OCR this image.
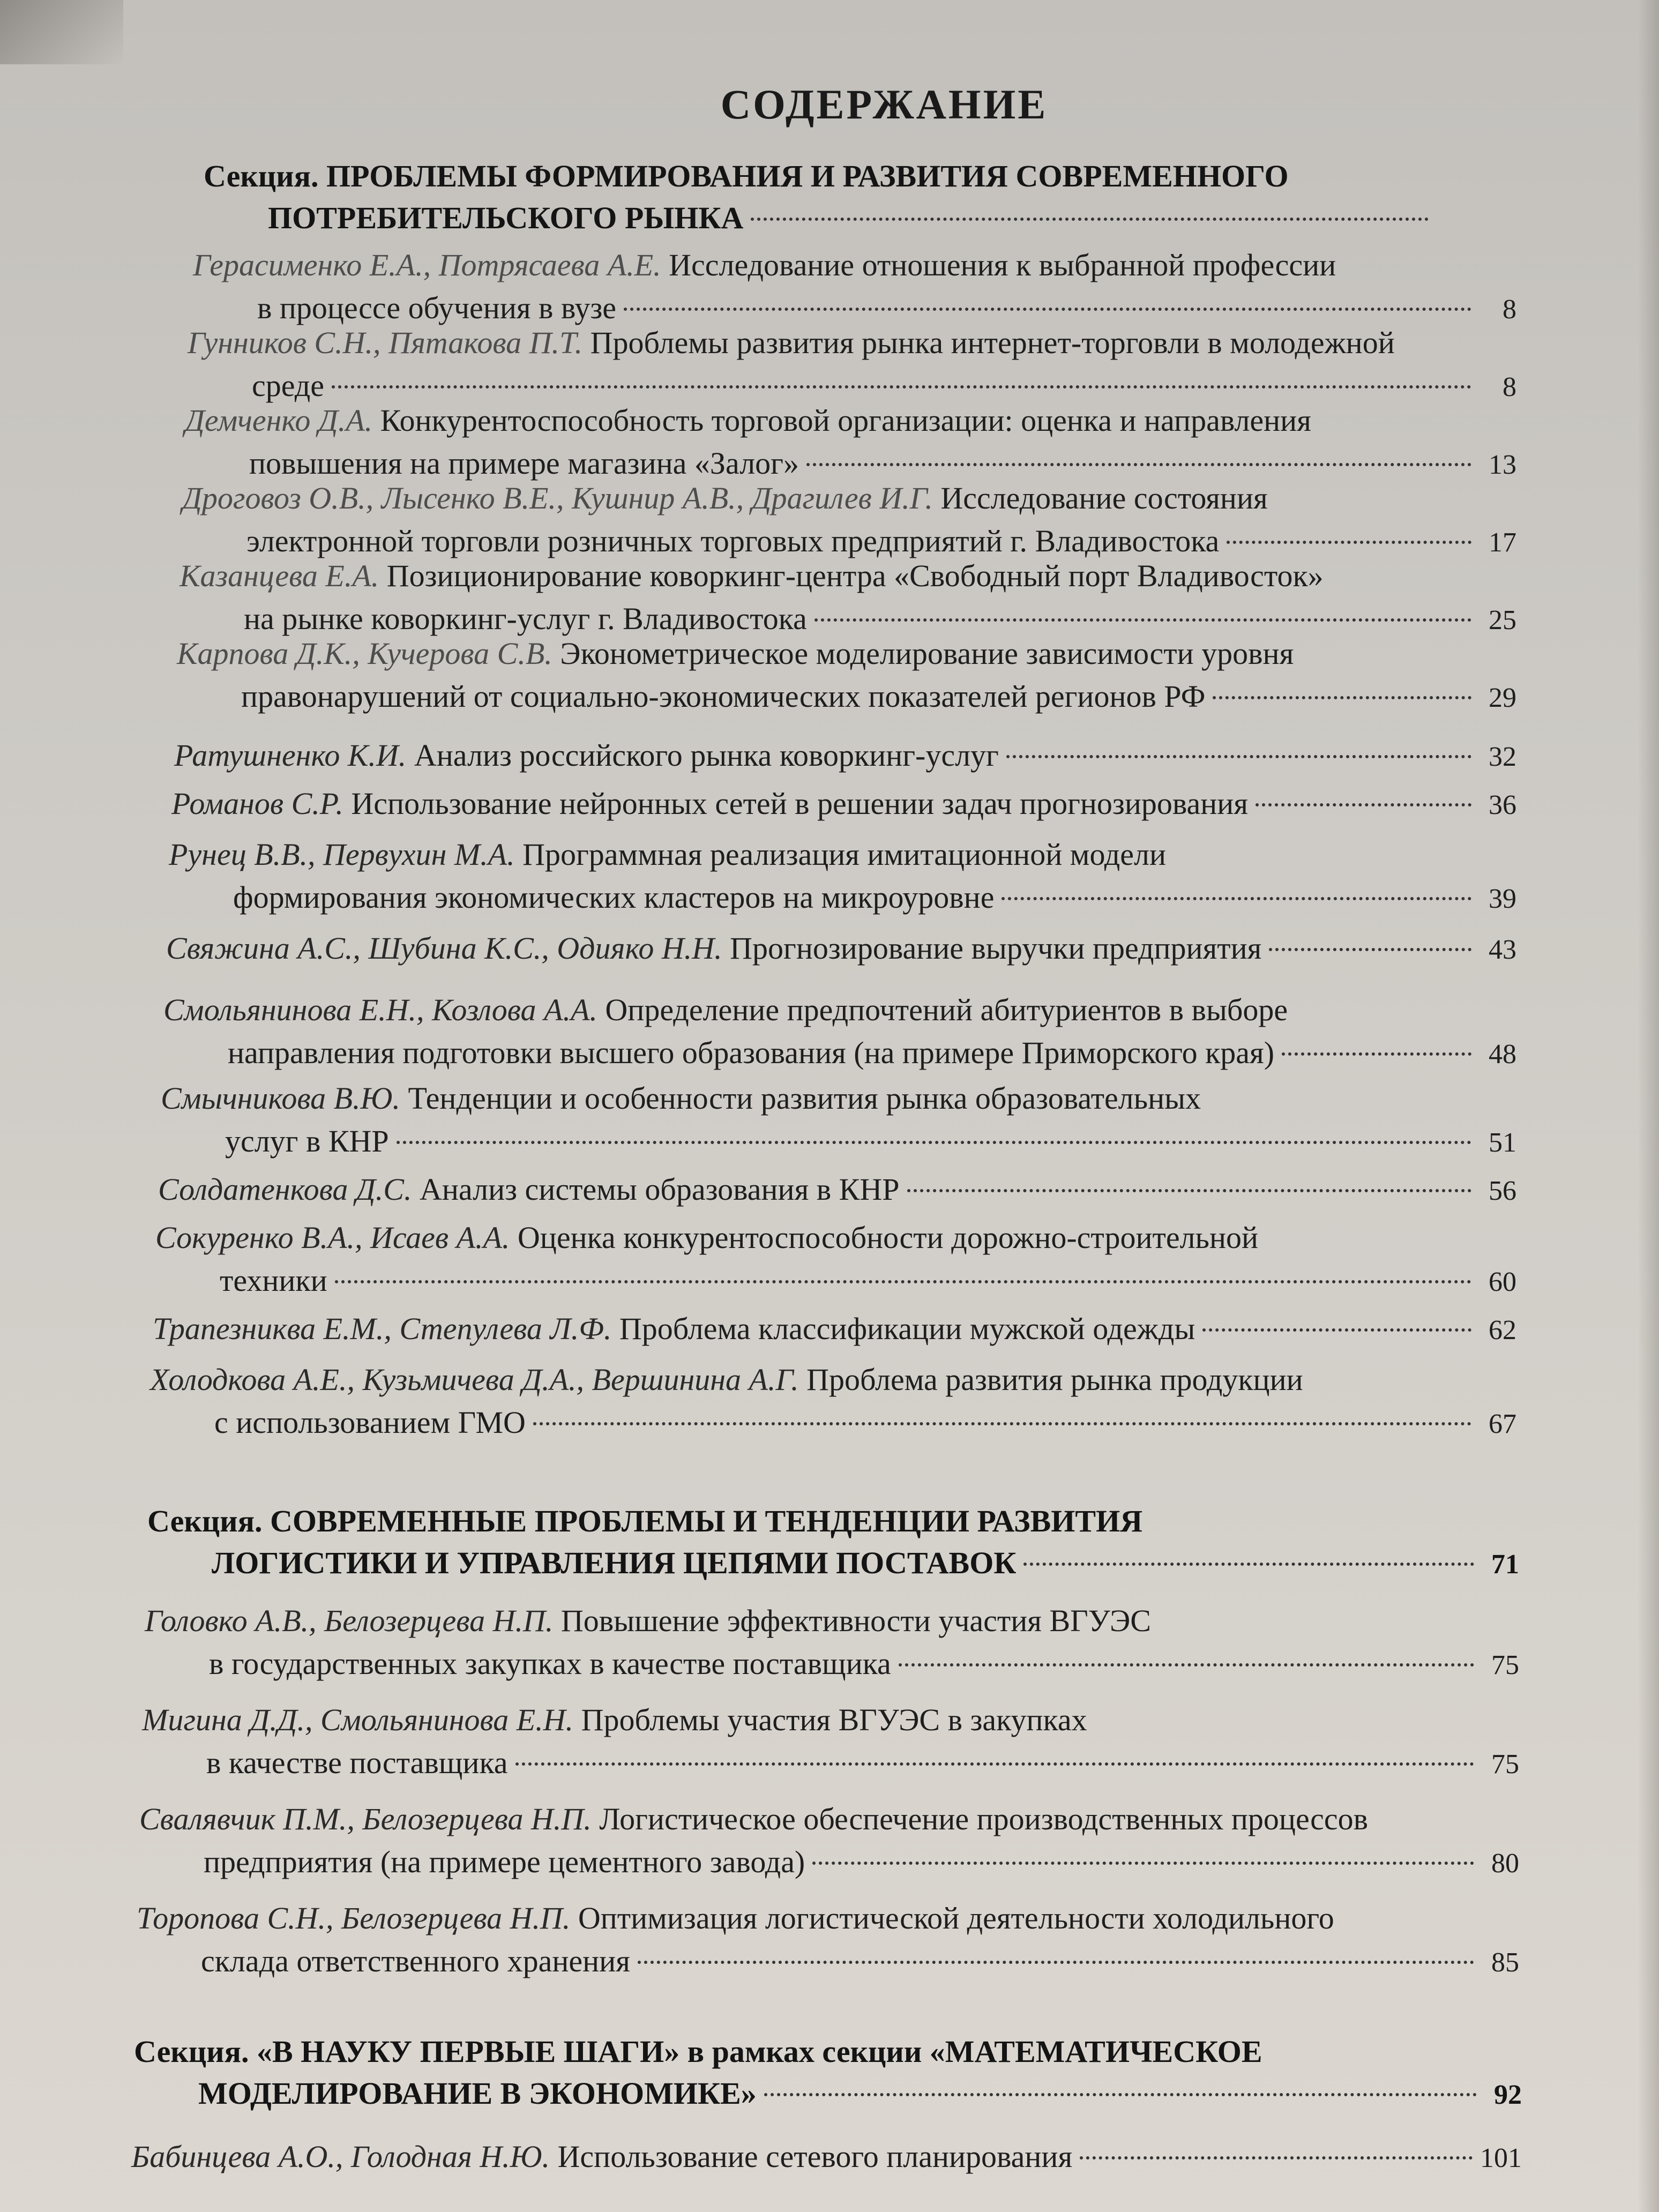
СОДЕРЖАНИЕ
Секция. ПРОБЛЕМЫ ФОРМИРОВАНИЯ И РАЗВИТИЯ СОВРЕМЕННОГО
ПОТРЕБИТЕЛЬСКОГО РЫНКА
Герасименко Е.А., Потрясаева А.Е. Исследование отношения к выбранной профессии
в процессе обучения в вузе	8
Гунников С.Н., Пятакова П.Т. Проблемы развития рынка интернет-торговли в молодежной
среде	8
Демченко Д.А. Конкурентоспособность торговой организации: оценка и направления
повышения на примере магазина «Залог»	13
Дроговоз О.В., Лысенко В.Е., Кушнир А.В., Драгилев И.Г. Исследование состояния
электронной торговли розничных торговых предприятий г. Владивостока	17
Казанцева Е.А. Позиционирование коворкинг-центра «Свободный порт Владивосток»
на рынке коворкинг-услуг г. Владивостока	25
Карпова Д.К., Кучерова С.В. Эконометрическое моделирование зависимости уровня
правонарушений от социально-экономических показателей регионов РФ	29
Ратушненко К.И.
Анализ российского рынка коворкинг-услуг	32
Романов С.Р.
Использование нейронных сетей в решении задач прогнозирования	36
Рунец В.В., Первухин М.А. Программная реализация имитационной модели
формирования экономических кластеров на микроуровне	39
Свяжина А.С., Шубина К.С., Одияко Н.Н.
Прогнозирование выручки предприятия	43
Смольянинова Е.Н., Козлова А.А. Определение предпочтений абитуриентов в выборе
направления подготовки высшего образования (на примере Приморского края)	48
Смычникова В.Ю. Тенденции и особенности развития рынка образовательных
услуг в КНР	51
Солдатенкова Д.С.
Анализ системы образования в КНР	56
Сокуренко В.А., Исаев А.А. Оценка конкурентоспособности дорожно-строительной
техники	60
Трапезниква Е.М., Степулева Л.Ф.
Проблема классификации мужской одежды	62
Холодкова А.Е., Кузьмичева Д.А., Вершинина А.Г. Проблема развития рынка продукции
с использованием ГМО	67
Секция. СОВРЕМЕННЫЕ ПРОБЛЕМЫ И ТЕНДЕНЦИИ РАЗВИТИЯ
ЛОГИСТИКИ И УПРАВЛЕНИЯ ЦЕПЯМИ ПОСТАВОК	71
Головко А.В., Белозерцева Н.П. Повышение эффективности участия ВГУЭС
в государственных закупках в качестве поставщика	75
Мигина Д.Д., Смольянинова Е.Н. Проблемы участия ВГУЭС в закупках
в качестве поставщика	75
Свалявчик П.М., Белозерцева Н.П. Логистическое обеспечение производственных процессов
предприятия (на примере цементного завода)	80
Торопова С.Н., Белозерцева Н.П. Оптимизация логистической деятельности холодильного
склада ответственного хранения	85
Секция. «В НАУКУ ПЕРВЫЕ ШАГИ» в рамках секции «МАТЕМАТИЧЕСКОЕ
МОДЕЛИРОВАНИЕ В ЭКОНОМИКЕ»	92
Бабинцева А.О., Голодная Н.Ю.
Использование сетевого планирования	101
